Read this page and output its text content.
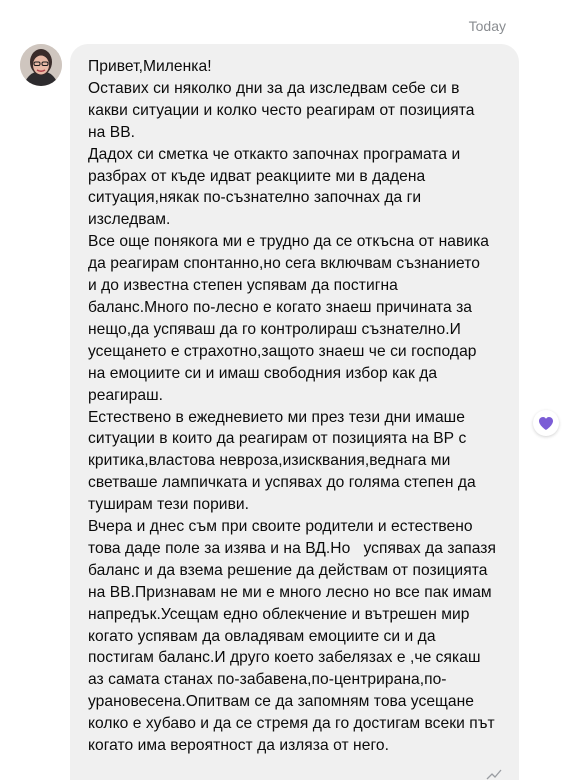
Today
Привет,Миленка!
Оставих си няколко дни за да изследвам себе си в
какви ситуации и колко често реагирам от позицията
на ВВ.
Дадох си сметка че откакто започнах програмата и
разбрах от къде идват реакциите ми в дадена
ситуация,някак по-съзнателно започнах да ги
изследвам.
Все още понякога ми е трудно да се откъсна от навика
да реагирам спонтанно,но сега включвам съзнанието
и до известна степен успявам да постигна
баланс.Много по-лесно е когато знаеш причината за
нещо,да успяваш да го контролираш съзнателно.И
усещането е страхотно,защото знаеш че си господар
на емоциите си и имаш свободния избор как да
реагираш.
Естествено в ежедневието ми през тези дни имаше
ситуации в които да реагирам от позицията на ВР с
критика,властова невроза,изисквания,веднага ми
светваше лампичката и успявах до голяма степен да
туширам тези пориви.
Вчера и днес съм при своите родители и естествено
това даде поле за изява и на ВД.Но   успявах да запазя
баланс и да взема решение да действам от позицията
на ВВ.Признавам не ми е много лесно но все пак имам
напредък.Усещам едно облекчение и вътрешен мир
когато успявам да овладявам емоциите си и да
постигам баланс.И друго което забелязах е ,че сякаш
аз самата станах по-забавена,по-центрирана,по-
урановесена.Опитвам се да запомням това усещане
колко е хубаво и да се стремя да го достигам всеки път
когато има вероятност да изляза от него.
